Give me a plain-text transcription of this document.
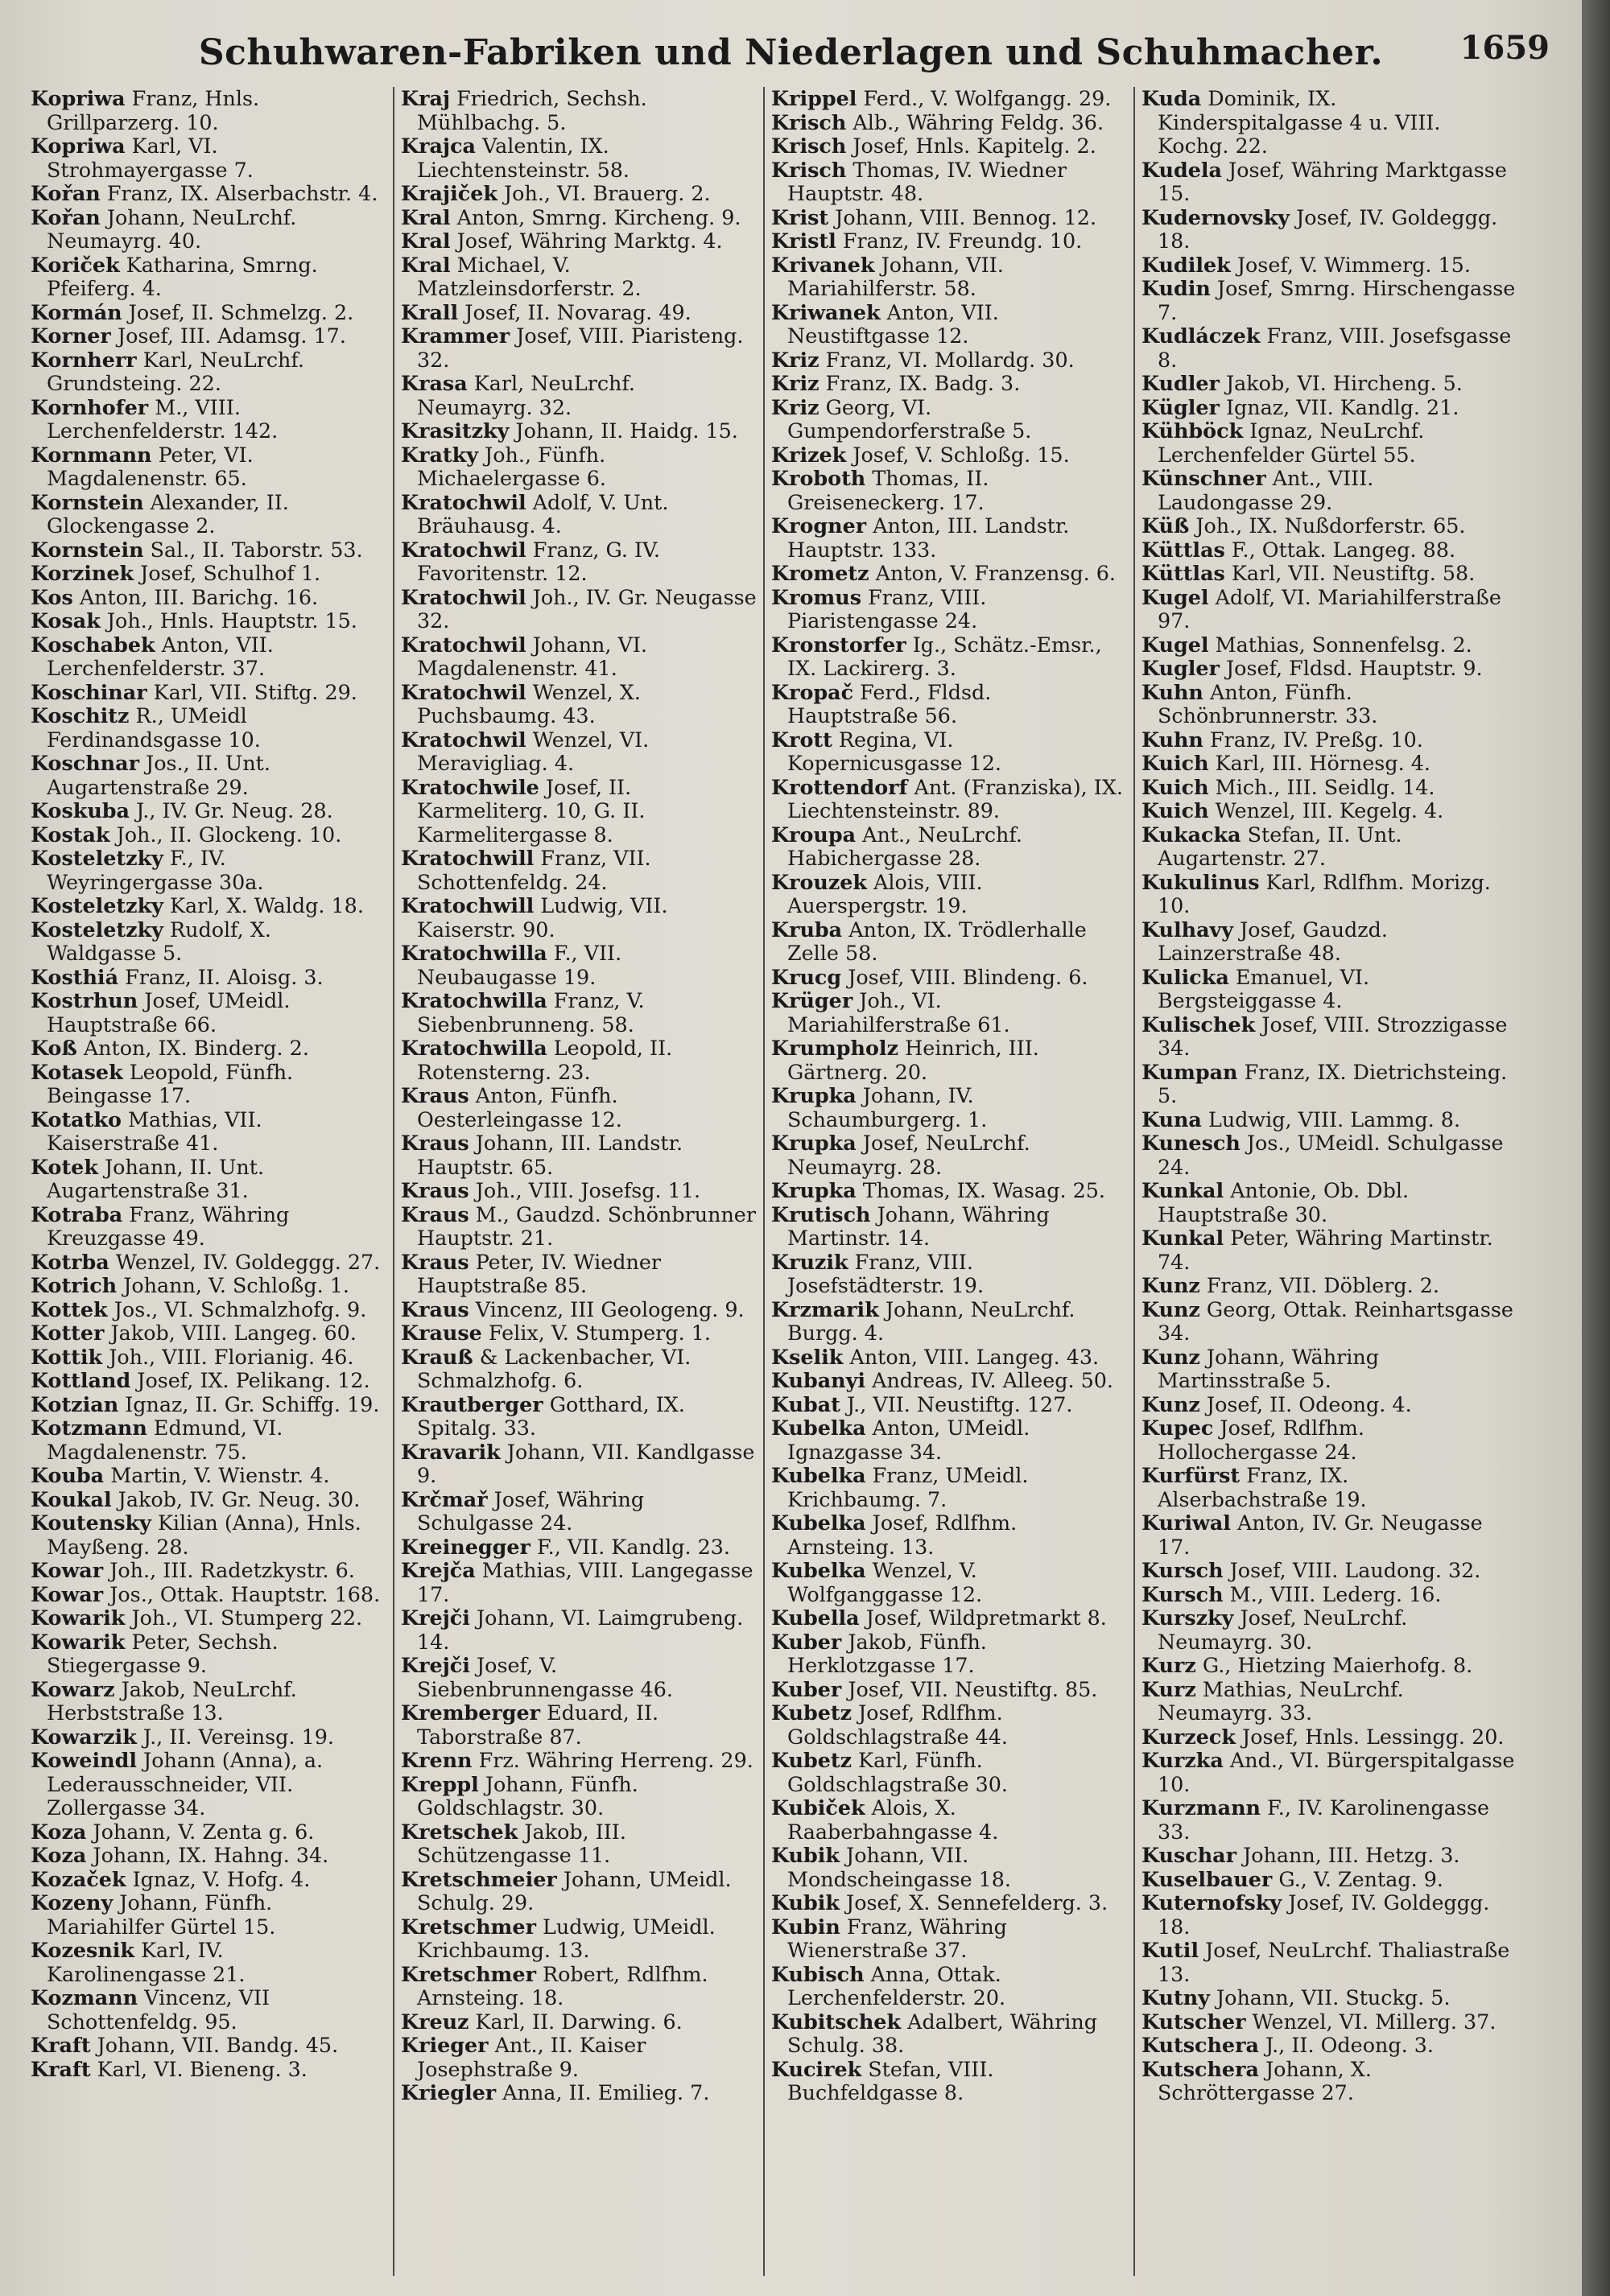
Schuhwaren-Fabriken und Niederlagen und Schuhmacher.	1659

Kopriwa Franz, Hnls. Grillparzerg. 10.

Kopriwa Karl, VI. Strohmayergasse 7.

Kořan Franz, IX. Alserbachstr. 4.

Kořan Johann, NeuLrchf. Neumayrg. 40.

Koriček Katharina, Smrng. Pfeiferg. 4.

Kormán Josef, II. Schmelzg. 2.

Korner Josef, III. Adamsg. 17.

Kornherr Karl, NeuLrchf. Grundsteing. 22.

Kornhofer M., VIII. Lerchenfelderstr. 142.

Kornmann Peter, VI. Magdalenenstr. 65.

Kornstein Alexander, II. Glockengasse 2.

Kornstein Sal., II. Taborstr. 53.

Korzinek Josef, Schulhof 1.

Kos Anton, III. Barichg. 16.

Kosak Joh., Hnls. Hauptstr. 15.

Koschabek Anton, VII. Lerchenfelderstr. 37.

Koschinar Karl, VII. Stiftg. 29.

Koschitz R., UMeidl Ferdinandsgasse 10.

Koschnar Jos., II. Unt. Augartenstraße 29.

Koskuba J., IV. Gr. Neug. 28.

Kostak Joh., II. Glockeng. 10.

Kosteletzky F., IV. Weyringergasse 30a.

Kosteletzky Karl, X. Waldg. 18.

Kosteletzky Rudolf, X. Waldgasse 5.

Kosthiá Franz, II. Aloisg. 3.

Kostrhun Josef, UMeidl. Hauptstraße 66.

Koß Anton, IX. Binderg. 2.

Kotasek Leopold, Fünfh. Beingasse 17.

Kotatko Mathias, VII. Kaiserstraße 41.

Kotek Johann, II. Unt. Augartenstraße 31.

Kotraba Franz, Währing Kreuzgasse 49.

Kotrba Wenzel, IV. Goldeggg. 27.

Kotrich Johann, V. Schloßg. 1.

Kottek Jos., VI. Schmalzhofg. 9.

Kotter Jakob, VIII. Langeg. 60.

Kottik Joh., VIII. Florianig. 46.

Kottland Josef, IX. Pelikang. 12.

Kotzian Ignaz, II. Gr. Schiffg. 19.

Kotzmann Edmund, VI. Magdalenenstr. 75.

Kouba Martin, V. Wienstr. 4.

Koukal Jakob, IV. Gr. Neug. 30.

Koutensky Kilian (Anna), Hnls. Mayßeng. 28.

Kowar Joh., III. Radetzkystr. 6.

Kowar Jos., Ottak. Hauptstr. 168.

Kowarik Joh., VI. Stumperg 22.

Kowarik Peter, Sechsh. Stiegergasse 9.

Kowarz Jakob, NeuLrchf. Herbststraße 13.

Kowarzik J., II. Vereinsg. 19.

Koweindl Johann (Anna), a. Lederausschneider, VII. Zollergasse 34.

Koza Johann, V. Zenta g. 6.

Koza Johann, IX. Hahng. 34.

Kozaček Ignaz, V. Hofg. 4.

Kozeny Johann, Fünfh. Mariahilfer Gürtel 15.

Kozesnik Karl, IV. Karolinengasse 21.

Kozmann Vincenz, VII Schottenfeldg. 95.

Kraft Johann, VII. Bandg. 45.

Kraft Karl, VI. Bieneng. 3.

Kraj Friedrich, Sechsh. Mühlbachg. 5.

Krajca Valentin, IX. Liechtensteinstr. 58.

Krajiček Joh., VI. Brauerg. 2.

Kral Anton, Smrng. Kircheng. 9.

Kral Josef, Währing Marktg. 4.

Kral Michael, V. Matzleinsdorferstr. 2.

Krall Josef, II. Novarag. 49.

Krammer Josef, VIII. Piaristeng. 32.

Krasa Karl, NeuLrchf. Neumayrg. 32.

Krasitzky Johann, II. Haidg. 15.

Kratky Joh., Fünfh. Michaelergasse 6.

Kratochwil Adolf, V. Unt. Bräuhausg. 4.

Kratochwil Franz, G. IV. Favoritenstr. 12.

Kratochwil Joh., IV. Gr. Neugasse 32.

Kratochwil Johann, VI. Magdalenenstr. 41.

Kratochwil Wenzel, X. Puchsbaumg. 43.

Kratochwil Wenzel, VI. Meravigliag. 4.

Kratochwile Josef, II. Karmeliterg. 10, G. II. Karmelitergasse 8.

Kratochwill Franz, VII. Schottenfeldg. 24.

Kratochwill Ludwig, VII. Kaiserstr. 90.

Kratochwilla F., VII. Neubaugasse 19.

Kratochwilla Franz, V. Siebenbrunneng. 58.

Kratochwilla Leopold, II. Rotensterng. 23.

Kraus Anton, Fünfh. Oesterleingasse 12.

Kraus Johann, III. Landstr. Hauptstr. 65.

Kraus Joh., VIII. Josefsg. 11.

Kraus M., Gaudzd. Schönbrunner Hauptstr. 21.

Kraus Peter, IV. Wiedner Hauptstraße 85.

Kraus Vincenz, III Geologeng. 9.

Krause Felix, V. Stumperg. 1.

Krauß & Lackenbacher, VI. Schmalzhofg. 6.

Krautberger Gotthard, IX. Spitalg. 33.

Kravarik Johann, VII. Kandlgasse 9.

Krčmař Josef, Währing Schulgasse 24.

Kreinegger F., VII. Kandlg. 23.

Krejča Mathias, VIII. Langegasse 17.

Krejči Johann, VI. Laimgrubeng. 14.

Krejči Josef, V. Siebenbrunnengasse 46.

Kremberger Eduard, II. Taborstraße 87.

Krenn Frz. Währing Herreng. 29.

Kreppl Johann, Fünfh. Goldschlagstr. 30.

Kretschek Jakob, III. Schützengasse 11.

Kretschmeier Johann, UMeidl. Schulg. 29.

Kretschmer Ludwig, UMeidl. Krichbaumg. 13.

Kretschmer Robert, Rdlfhm. Arnsteing. 18.

Kreuz Karl, II. Darwing. 6.

Krieger Ant., II. Kaiser Josephstraße 9.

Kriegler Anna, II. Emilieg. 7.

Krippel Ferd., V. Wolfgangg. 29.

Krisch Alb., Währing Feldg. 36.

Krisch Josef, Hnls. Kapitelg. 2.

Krisch Thomas, IV. Wiedner Hauptstr. 48.

Krist Johann, VIII. Bennog. 12.

Kristl Franz, IV. Freundg. 10.

Krivanek Johann, VII. Mariahilferstr. 58.

Kriwanek Anton, VII. Neustiftgasse 12.

Kriz Franz, VI. Mollardg. 30.

Kriz Franz, IX. Badg. 3.

Kriz Georg, VI. Gumpendorferstraße 5.

Krizek Josef, V. Schloßg. 15.

Kroboth Thomas, II. Greiseneckerg. 17.

Krogner Anton, III. Landstr. Hauptstr. 133.

Krometz Anton, V. Franzensg. 6.

Kromus Franz, VIII. Piaristengasse 24.

Kronstorfer Ig., Schätz.-Emsr., IX. Lackirerg. 3.

Kropač Ferd., Fldsd. Hauptstraße 56.

Krott Regina, VI. Kopernicusgasse 12.

Krottendorf Ant. (Franziska), IX. Liechtensteinstr. 89.

Kroupa Ant., NeuLrchf. Habichergasse 28.

Krouzek Alois, VIII. Auerspergstr. 19.

Kruba Anton, IX. Trödlerhalle Zelle 58.

Krucg Josef, VIII. Blindeng. 6.

Krüger Joh., VI. Mariahilferstraße 61.

Krumpholz Heinrich, III. Gärtnerg. 20.

Krupka Johann, IV. Schaumburgerg. 1.

Krupka Josef, NeuLrchf. Neumayrg. 28.

Krupka Thomas, IX. Wasag. 25.

Krutisch Johann, Währing Martinstr. 14.

Kruzik Franz, VIII. Josefstädterstr. 19.

Krzmarik Johann, NeuLrchf. Burgg. 4.

Kselik Anton, VIII. Langeg. 43.

Kubanyi Andreas, IV. Alleeg. 50.

Kubat J., VII. Neustiftg. 127.

Kubelka Anton, UMeidl. Ignazgasse 34.

Kubelka Franz, UMeidl. Krichbaumg. 7.

Kubelka Josef, Rdlfhm. Arnsteing. 13.

Kubelka Wenzel, V. Wolfganggasse 12.

Kubella Josef, Wildpretmarkt 8.

Kuber Jakob, Fünfh. Herklotzgasse 17.

Kuber Josef, VII. Neustiftg. 85.

Kubetz Josef, Rdlfhm. Goldschlagstraße 44.

Kubetz Karl, Fünfh. Goldschlagstraße 30.

Kubiček Alois, X. Raaberbahngasse 4.

Kubik Johann, VII. Mondscheingasse 18.

Kubik Josef, X. Sennefelderg. 3.

Kubin Franz, Währing Wienerstraße 37.

Kubisch Anna, Ottak. Lerchenfelderstr. 20.

Kubitschek Adalbert, Währing Schulg. 38.

Kucirek Stefan, VIII. Buchfeldgasse 8.

Kuda Dominik, IX. Kinderspitalgasse 4 u. VIII. Kochg. 22.

Kudela Josef, Währing Marktgasse 15.

Kudernovsky Josef, IV. Goldeggg. 18.

Kudilek Josef, V. Wimmerg. 15.

Kudin Josef, Smrng. Hirschengasse 7.

Kudláczek Franz, VIII. Josefsgasse 8.

Kudler Jakob, VI. Hircheng. 5.

Kügler Ignaz, VII. Kandlg. 21.

Kühböck Ignaz, NeuLrchf. Lerchenfelder Gürtel 55.

Künschner Ant., VIII. Laudongasse 29.

Küß Joh., IX. Nußdorferstr. 65.

Küttlas F., Ottak. Langeg. 88.

Küttlas Karl, VII. Neustiftg. 58.

Kugel Adolf, VI. Mariahilferstraße 97.

Kugel Mathias, Sonnenfelsg. 2.

Kugler Josef, Fldsd. Hauptstr. 9.

Kuhn Anton, Fünfh. Schönbrunnerstr. 33.

Kuhn Franz, IV. Preßg. 10.

Kuich Karl, III. Hörnesg. 4.

Kuich Mich., III. Seidlg. 14.

Kuich Wenzel, III. Kegelg. 4.

Kukacka Stefan, II. Unt. Augartenstr. 27.

Kukulinus Karl, Rdlfhm. Morizg. 10.

Kulhavy Josef, Gaudzd. Lainzerstraße 48.

Kulicka Emanuel, VI. Bergsteiggasse 4.

Kulischek Josef, VIII. Strozzigasse 34.

Kumpan Franz, IX. Dietrichsteing. 5.

Kuna Ludwig, VIII. Lammg. 8.

Kunesch Jos., UMeidl. Schulgasse 24.

Kunkal Antonie, Ob. Dbl. Hauptstraße 30.

Kunkal Peter, Währing Martinstr. 74.

Kunz Franz, VII. Döblerg. 2.

Kunz Georg, Ottak. Reinhartsgasse 34.

Kunz Johann, Währing Martinsstraße 5.

Kunz Josef, II. Odeong. 4.

Kupec Josef, Rdlfhm. Hollochergasse 24.

Kurfürst Franz, IX. Alserbachstraße 19.

Kuriwal Anton, IV. Gr. Neugasse 17.

Kursch Josef, VIII. Laudong. 32.

Kursch M., VIII. Lederg. 16.

Kurszky Josef, NeuLrchf. Neumayrg. 30.

Kurz G., Hietzing Maierhofg. 8.

Kurz Mathias, NeuLrchf. Neumayrg. 33.

Kurzeck Josef, Hnls. Lessingg. 20.

Kurzka And., VI. Bürgerspitalgasse 10.

Kurzmann F., IV. Karolinengasse 33.

Kuschar Johann, III. Hetzg. 3.

Kuselbauer G., V. Zentag. 9.

Kuternofsky Josef, IV. Goldeggg. 18.

Kutil Josef, NeuLrchf. Thaliastraße 13.

Kutny Johann, VII. Stuckg. 5.

Kutscher Wenzel, VI. Millerg. 37.

Kutschera J., II. Odeong. 3.

Kutschera Johann, X. Schröttergasse 27.
